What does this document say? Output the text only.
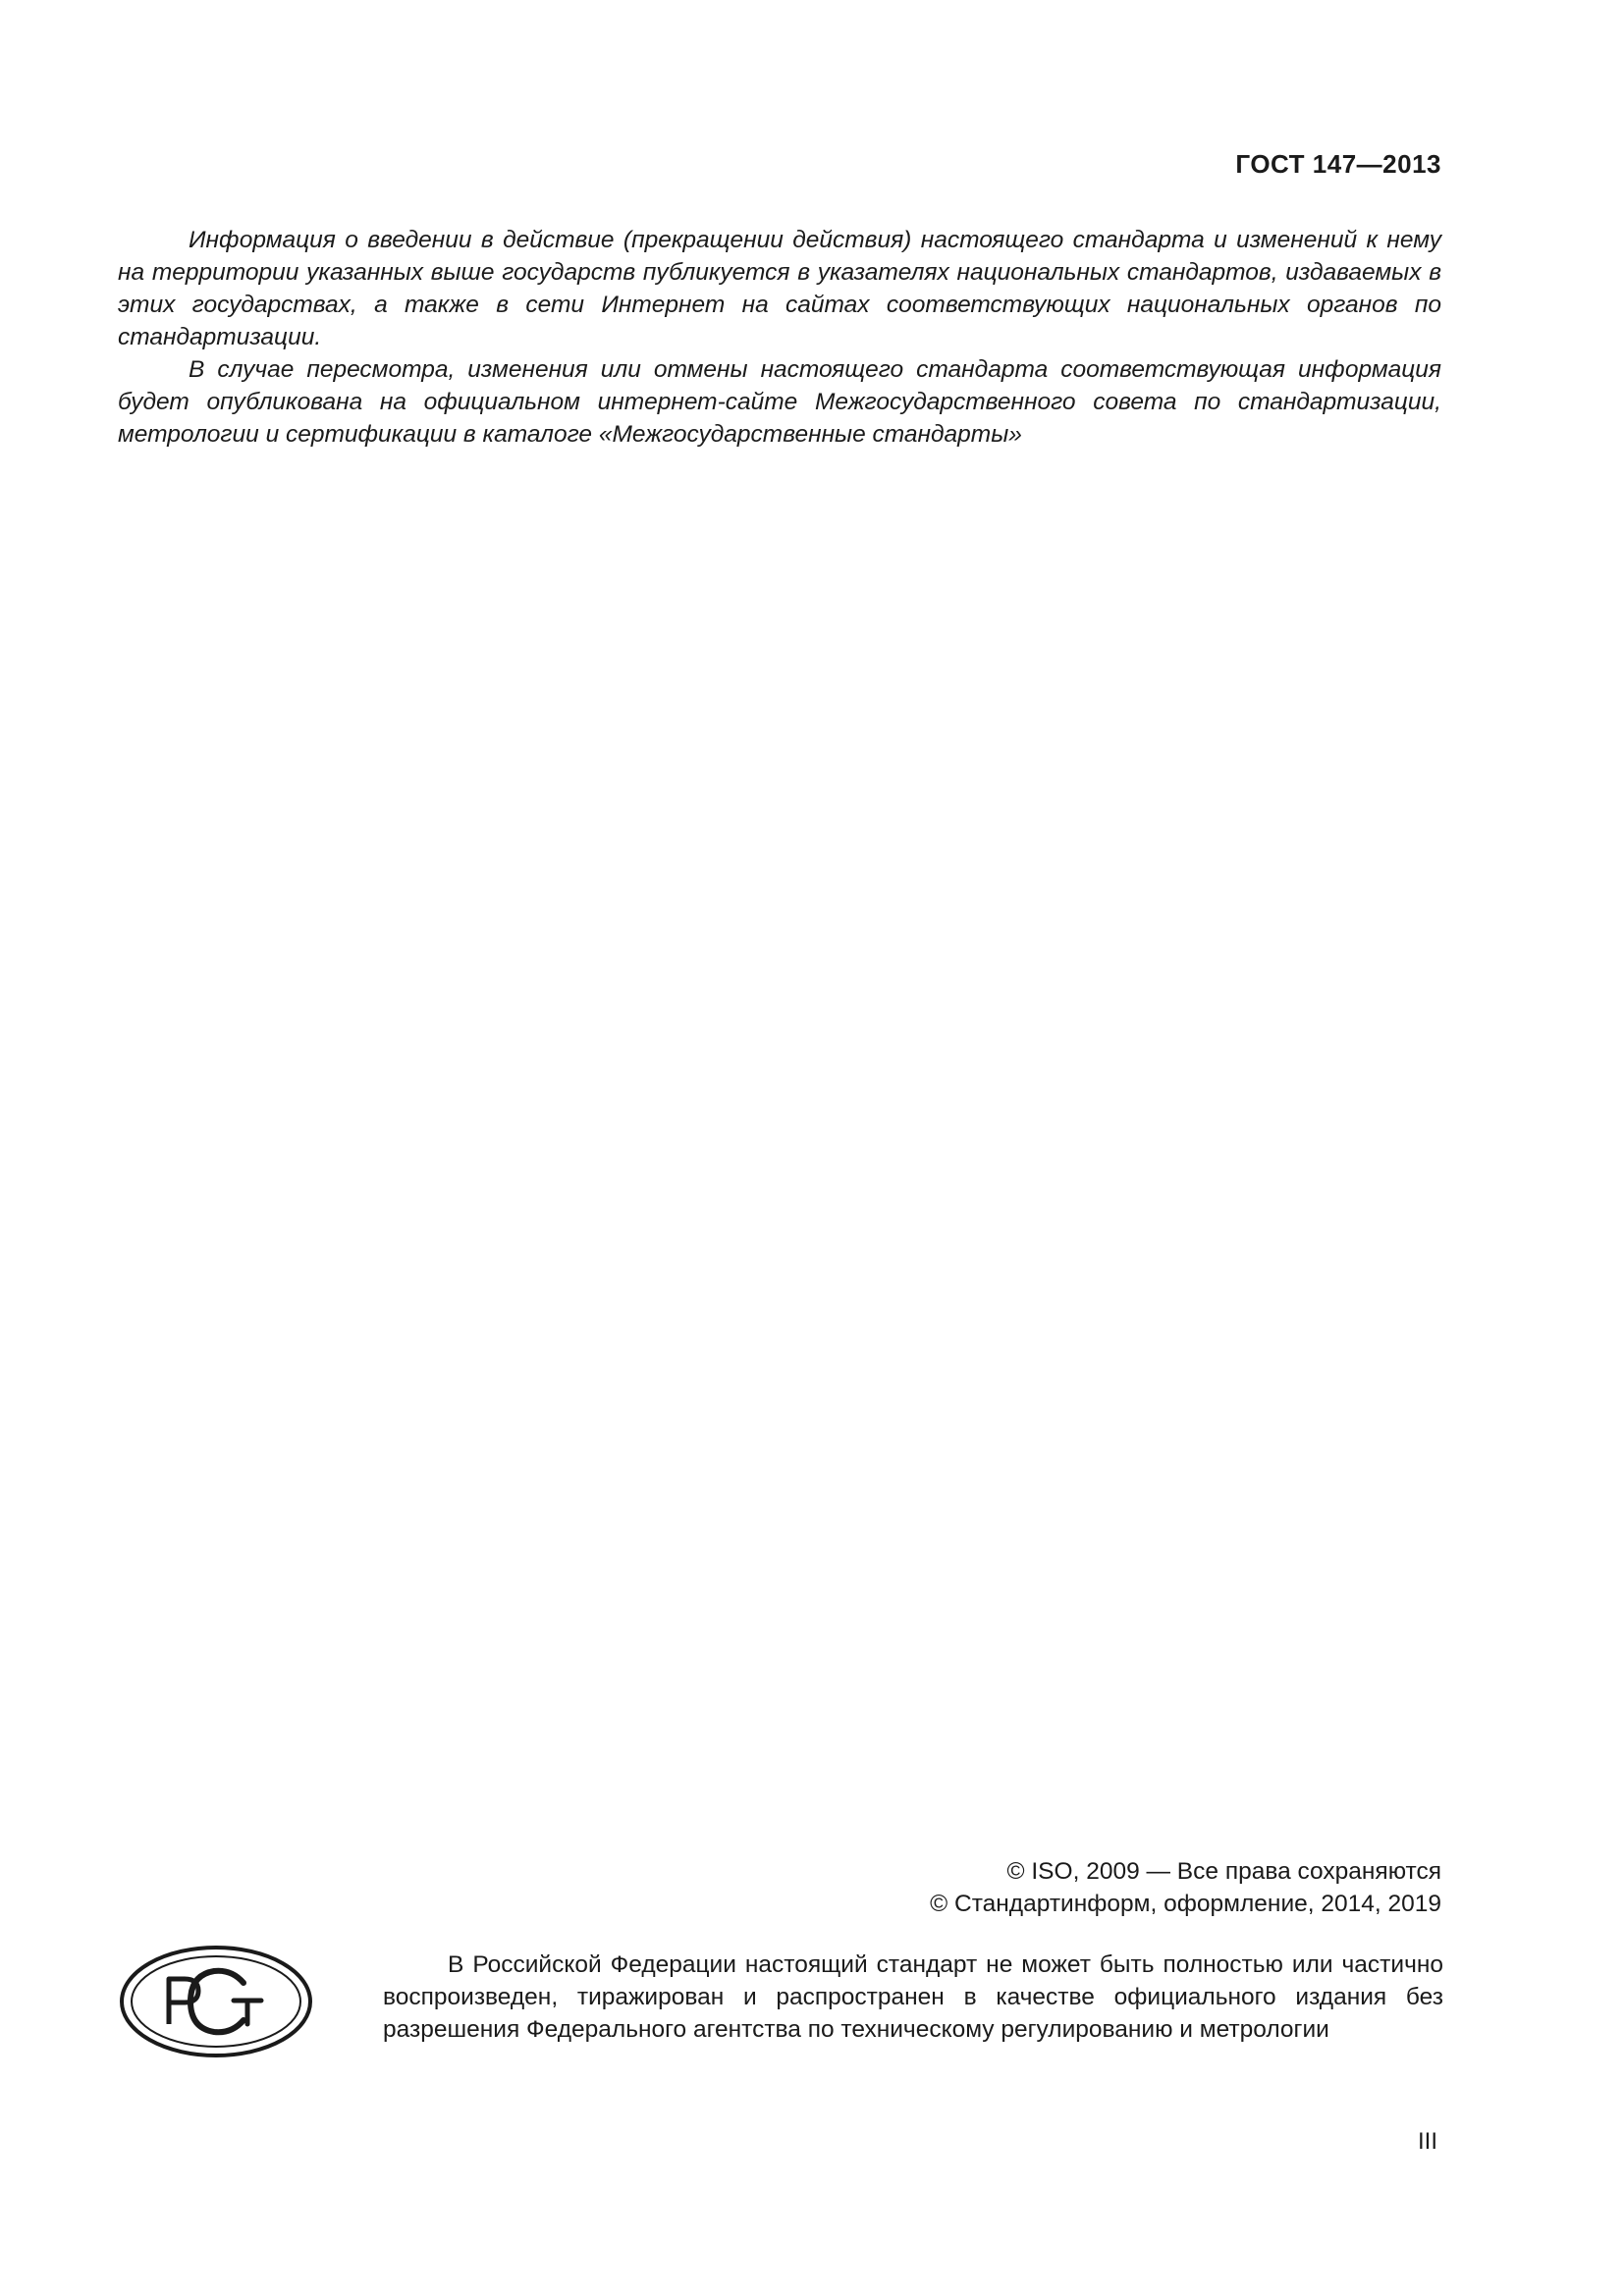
ГОСТ 147—2013

Информация о введении в действие (прекращении действия) настоящего стандарта и изменений к нему на территории указанных выше государств публикуется в указателях национальных стандартов, издаваемых в этих государствах, а также в сети Интернет на сайтах соответствующих национальных органов по стандартизации.

В случае пересмотра, изменения или отмены настоящего стандарта соответствующая информация будет опубликована на официальном интернет-сайте Межгосударственного совета по стандартизации, метрологии и сертификации в каталоге «Межгосударственные стандарты»

© ISO, 2009 — Все права сохраняются
© Стандартинформ, оформление, 2014, 2019

В Российской Федерации настоящий стандарт не может быть полностью или частично воспроизведен, тиражирован и распространен в качестве официального издания без разрешения Федерального агентства по техническому регулированию и метрологии

III
